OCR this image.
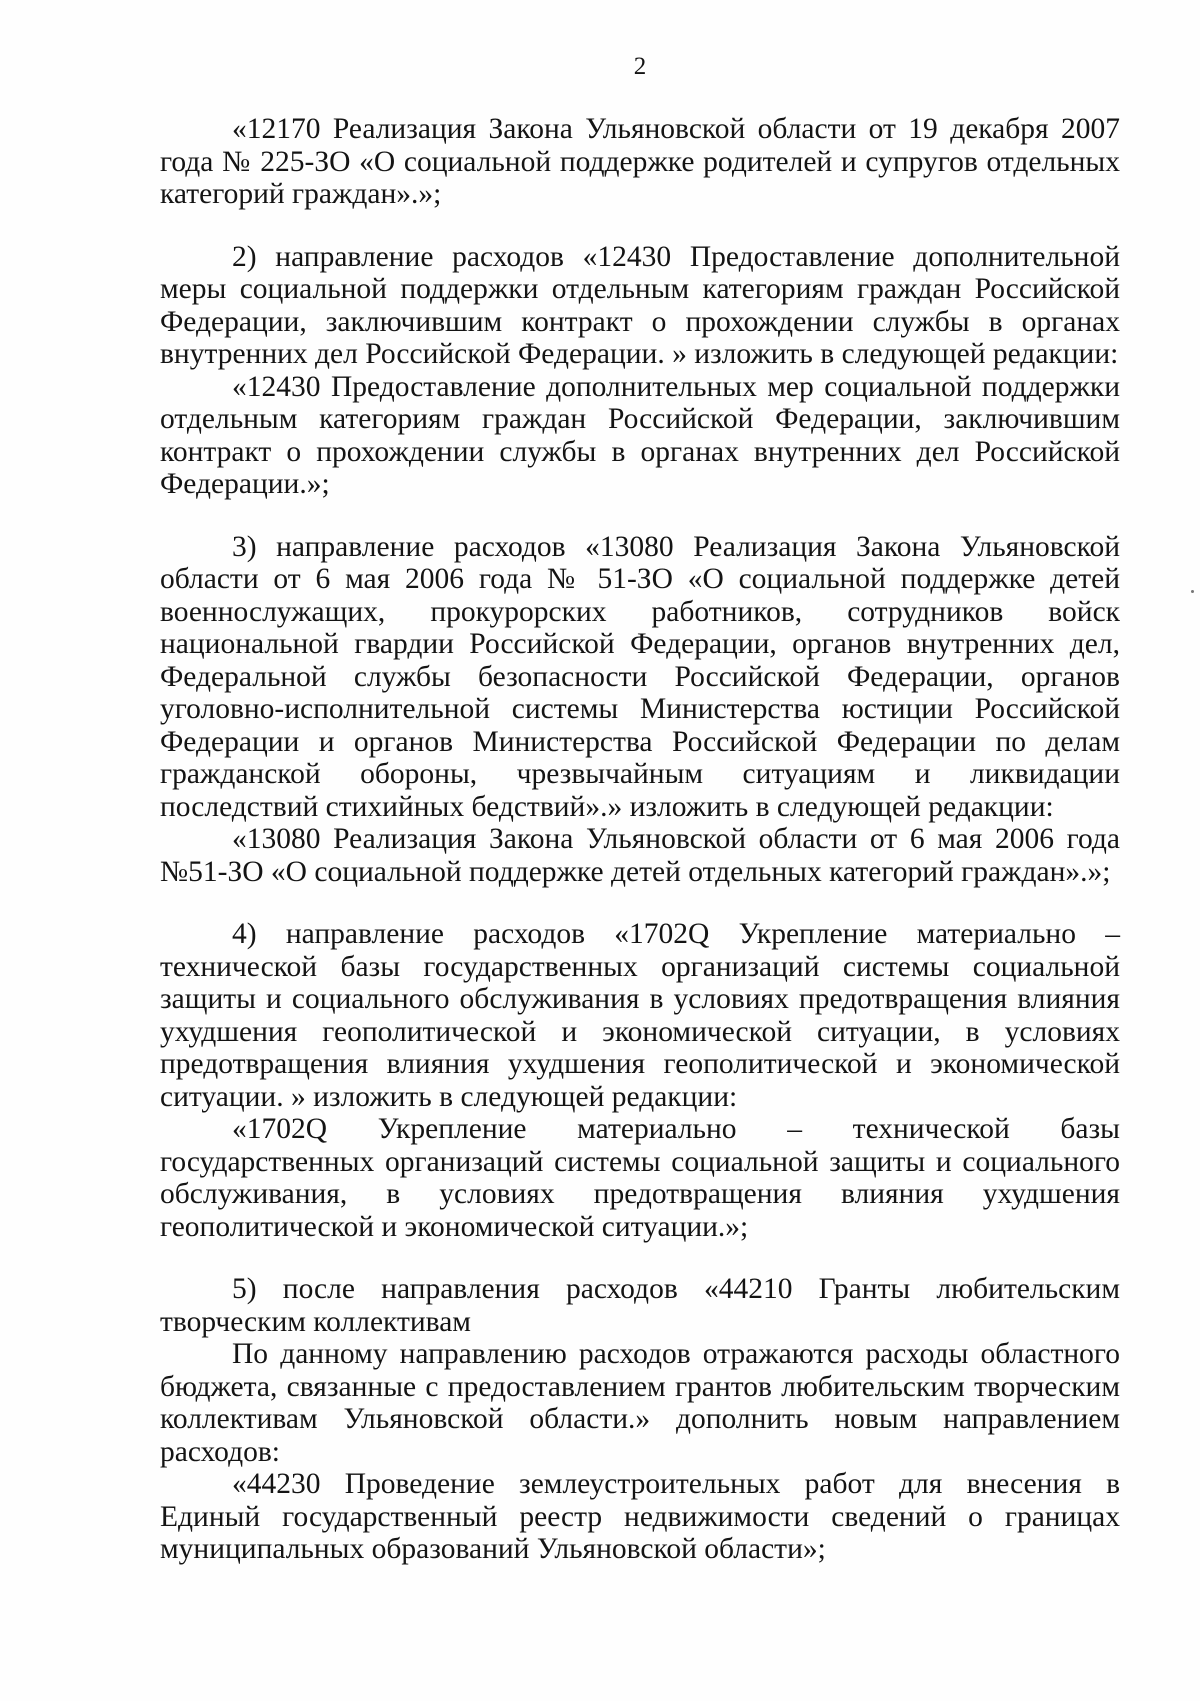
2

«12170 Реализация Закона Ульяновской области от 19 декабря 2007 года № 225-ЗО «О социальной поддержке родителей и супругов отдельных категорий граждан».»;

2) направление расходов «12430 Предоставление дополнительной меры социальной поддержки отдельным категориям граждан Российской Федерации, заключившим контракт о прохождении службы в органах внутренних дел Российской Федерации. » изложить в следующей редакции:

«12430 Предоставление дополнительных мер социальной поддержки отдельным категориям граждан Российской Федерации, заключившим контракт о прохождении службы в органах внутренних дел Российской Федерации.»;

3) направление расходов «13080 Реализация Закона Ульяновской области от 6 мая 2006 года № 51-ЗО «О социальной поддержке детей военнослужащих, прокурорских работников, сотрудников войск национальной гвардии Российской Федерации, органов внутренних дел, Федеральной службы безопасности Российской Федерации, органов уголовно-исполнительной системы Министерства юстиции Российской Федерации и органов Министерства Российской Федерации по делам гражданской обороны, чрезвычайным ситуациям и ликвидации последствий стихийных бедствий».» изложить в следующей редакции:

«13080 Реализация Закона Ульяновской области от 6 мая 2006 года №51-ЗО «О социальной поддержке детей отдельных категорий граждан».»;

4) направление расходов «1702Q Укрепление материально – технической базы государственных организаций системы социальной защиты и социального обслуживания в условиях предотвращения влияния ухудшения геополитической и экономической ситуации, в условиях предотвращения влияния ухудшения геополитической и экономической ситуации. » изложить в следующей редакции:

«1702Q Укрепление материально – технической базы государственных организаций системы социальной защиты и социального обслуживания, в условиях предотвращения влияния ухудшения геополитической и экономической ситуации.»;

5) после направления расходов «44210 Гранты любительским творческим коллективам

По данному направлению расходов отражаются расходы областного бюджета, связанные с предоставлением грантов любительским творческим коллективам Ульяновской области.» дополнить новым направлением расходов:

«44230 Проведение землеустроительных работ для внесения в Единый государственный реестр недвижимости сведений о границах муниципальных образований Ульяновской области»;
